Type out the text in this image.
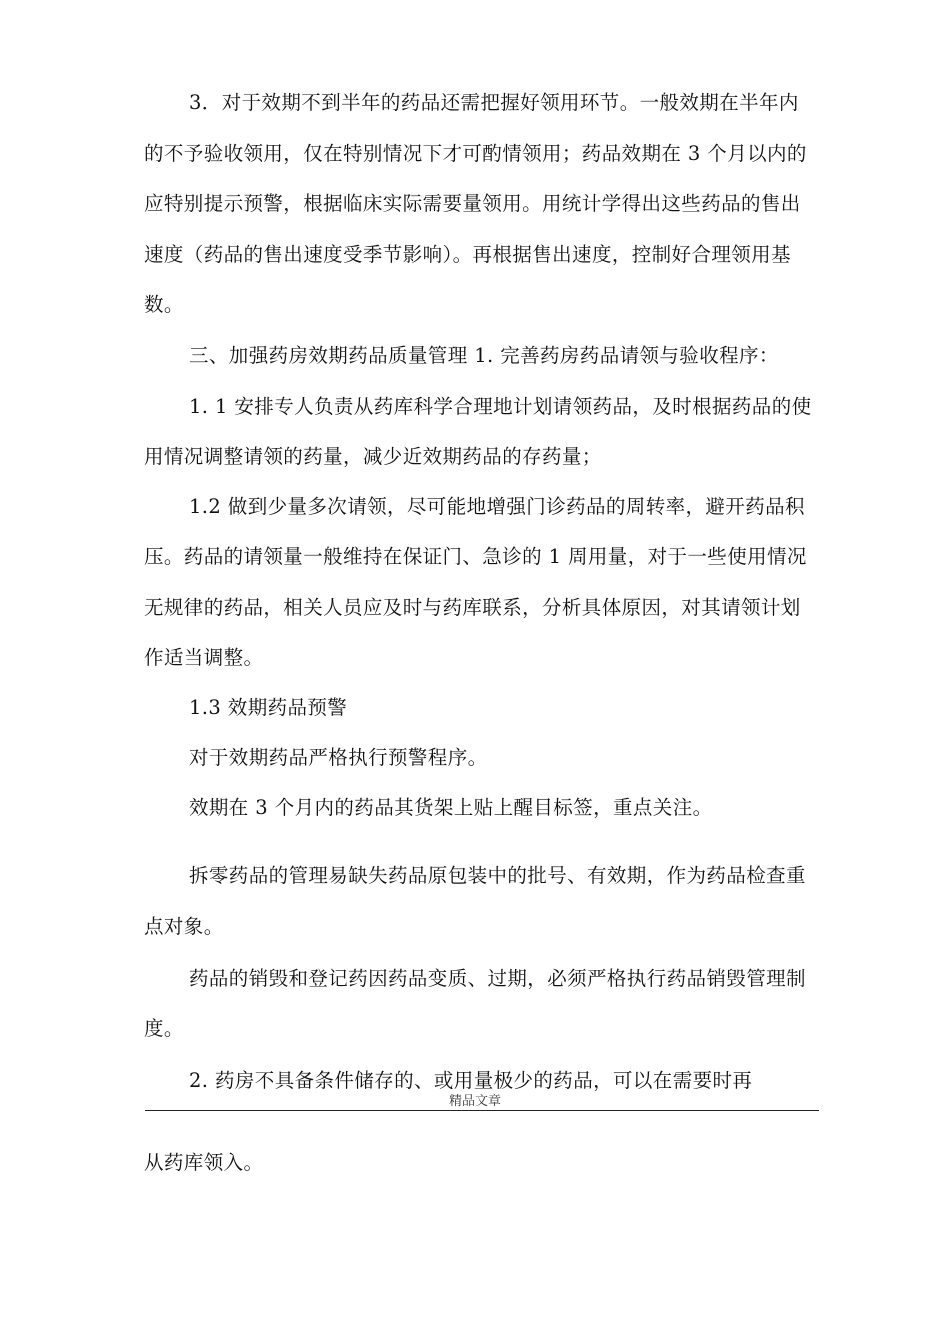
3．对于效期不到半年的药品还需把握好领用环节。一般效期在半年内
的不予验收领用，仅在特别情况下才可酌情领用；药品效期在 3 个月以内的
应特别提示预警，根据临床实际需要量领用。用统计学得出这些药品的售出
速度（药品的售出速度受季节影响）。再根据售出速度，控制好合理领用基
数。
三、加强药房效期药品质量管理 1. 完善药房药品请领与验收程序：
1. 1 安排专人负责从药库科学合理地计划请领药品，及时根据药品的使
用情况调整请领的药量，减少近效期药品的存药量；
1.2 做到少量多次请领，尽可能地增强门诊药品的周转率，避开药品积
压。药品的请领量一般维持在保证门、急诊的 1 周用量，对于一些使用情况
无规律的药品，相关人员应及时与药库联系，分析具体原因，对其请领计划
作适当调整。
1.3 效期药品预警
对于效期药品严格执行预警程序。
效期在 3 个月内的药品其货架上贴上醒目标签，重点关注。
拆零药品的管理易缺失药品原包装中的批号、有效期，作为药品检查重
点对象。
药品的销毁和登记药因药品变质、过期，必须严格执行药品销毁管理制
度。
2. 药房不具备条件储存的、或用量极少的药品，可以在需要时再
精品文章
从药库领入。
